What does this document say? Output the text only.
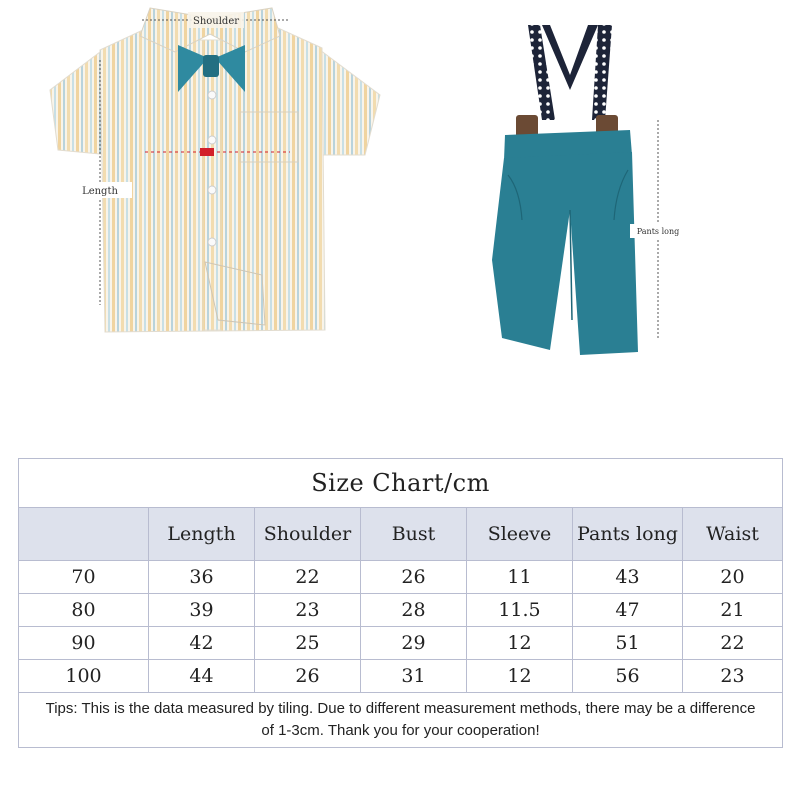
Shoulder
Length
Pants long
Size Chart/cm						
	Length	Shoulder	Bust	Sleeve	Pants long	Waist
70	36	22	26	11	43	20
80	39	23	28	11.5	47	21
90	42	25	29	12	51	22
100	44	26	31	12	56	23
Tips: This is the data measured by tiling. Due to different measurement methods, there may be a difference of 1-3cm. Thank you for your cooperation!						
